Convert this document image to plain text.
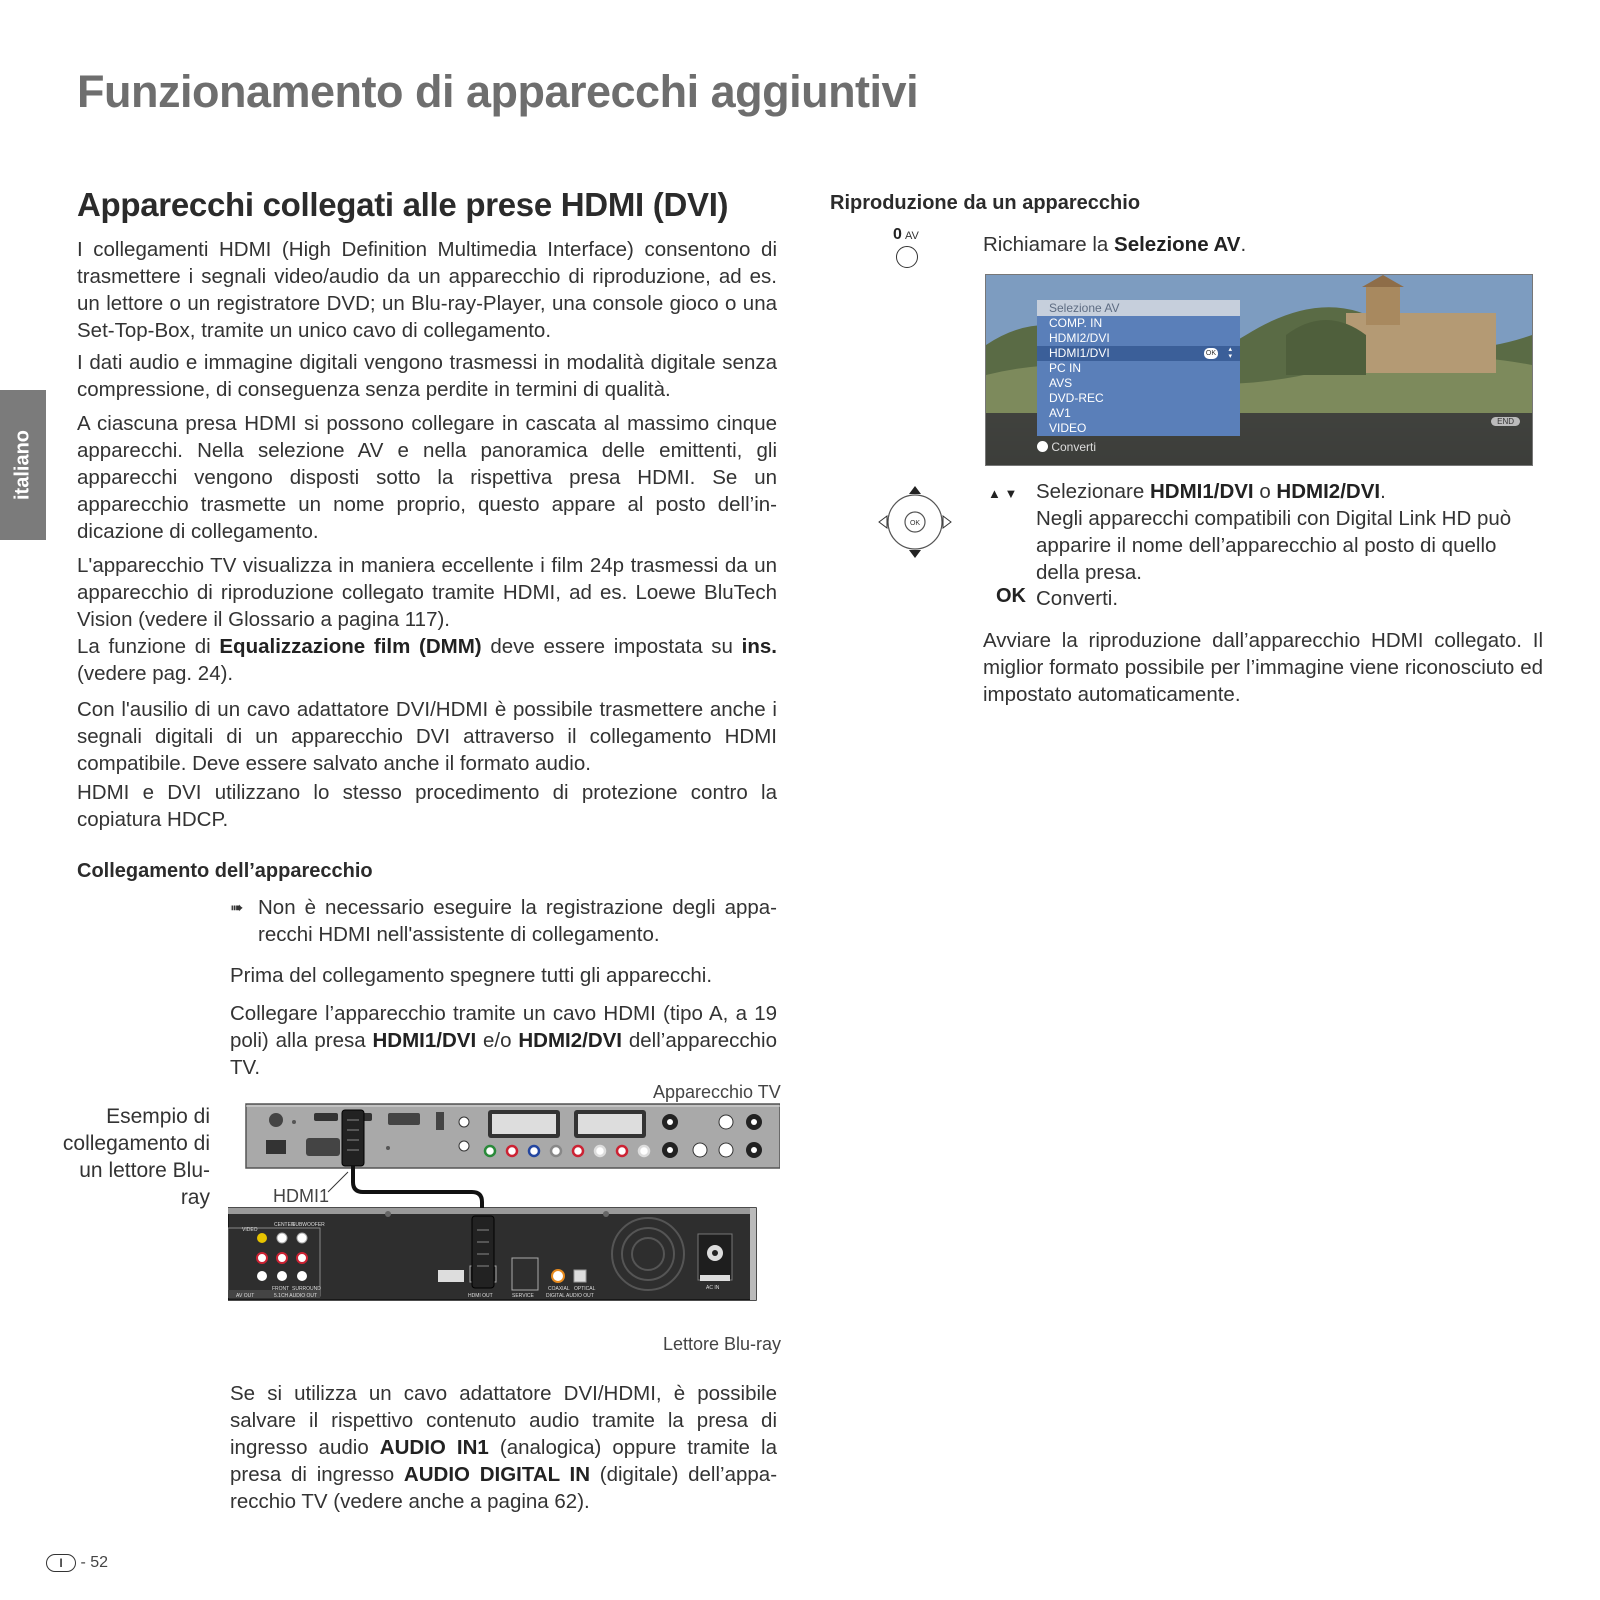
Funzionamento di apparecchi aggiuntivi
italiano
Apparecchi collegati alle prese HDMI (DVI)
I collegamenti HDMI (High Definition Multimedia Interface) consentono di trasmettere i segnali video/audio da un apparecchio di riproduzione, ad es. un lettore o un registratore DVD; un Blu-ray-Player, una console gioco o una Set-Top-Box, tramite un unico cavo di collegamento.
I dati audio e immagine digitali vengono trasmessi in modalità digitale senza compressione, di conseguenza senza perdite in termini di qualità.
A ciascuna presa HDMI si possono collegare in cascata al massimo cinque apparecchi. Nella selezione AV e nella panoramica delle emittenti, gli apparecchi vengono disposti sotto la rispettiva presa HDMI. Se un apparecchio trasmette un nome proprio, questo appare al posto dell’indicazione di collegamento.
L'apparecchio TV visualizza in maniera eccellente i film 24p trasmessi da un apparecchio di riproduzione collegato tramite HDMI, ad es. Loewe BluTech Vision (vedere il Glossario a pagina 117).
La funzione di Equalizzazione film (DMM) deve essere impostata su ins. (vedere pag. 24).
Con l'ausilio di un cavo adattatore DVI/HDMI è possibile trasmettere anche i segnali digitali di un apparecchio DVI attraverso il collegamento HDMI compatibile. Deve essere salvato anche il formato audio.
HDMI e DVI utilizzano lo stesso procedimento di protezione contro la copiatura HDCP.
Collegamento dell’apparecchio
➠ Non è necessario eseguire la registrazione degli apparecchi HDMI nell'assistente di collegamento.
Prima del collegamento spegnere tutti gli apparecchi.
Collegare l’apparecchio tramite un cavo HDMI (tipo A, a 19 poli) alla presa HDMI1/DVI e/o HDMI2/DVI dell’apparecchio TV.
Apparecchio TV
Esempio di collegamento di un lettore Blu-ray	HDMI1
Lettore Blu-ray
VIDEO
CENTER
SUBWOOFER
FRONT SURROUND
AV OUT	5.1CH AUDIO OUT	HDMI OUT	SERVICE
COAXIAL OPTICAL
DIGITAL AUDIO OUT
AC IN
Se si utilizza un cavo adattatore DVI/HDMI, è possibile salvare il rispettivo contenuto audio tramite la presa di ingresso audio AUDIO IN1 (analogica) oppure tramite la presa di ingresso AUDIO DIGITAL IN (digitale) dell’apparecchio TV (vedere anche a pagina 62).
Riproduzione da un apparecchio
0 AV	Richiamare la Selezione AV.
Selezione AV
COMP. IN
HDMI2/DVI
HDMI1/DVI	OK
▴
▾
PC IN
AVS
DVD-REC
AV1
VIDEO
Converti
END
OK
▲ ▼ Selezionare HDMI1/DVI o HDMI2/DVI.
Negli apparecchi compatibili con Digital Link HD può apparire il nome dell’apparecchio al posto di quello della presa.
OK Converti.
Avviare la riproduzione dall’apparecchio HDMI collegato. Il miglior formato possibile per l’immagine viene riconosciuto ed impostato automaticamente.
I - 52
